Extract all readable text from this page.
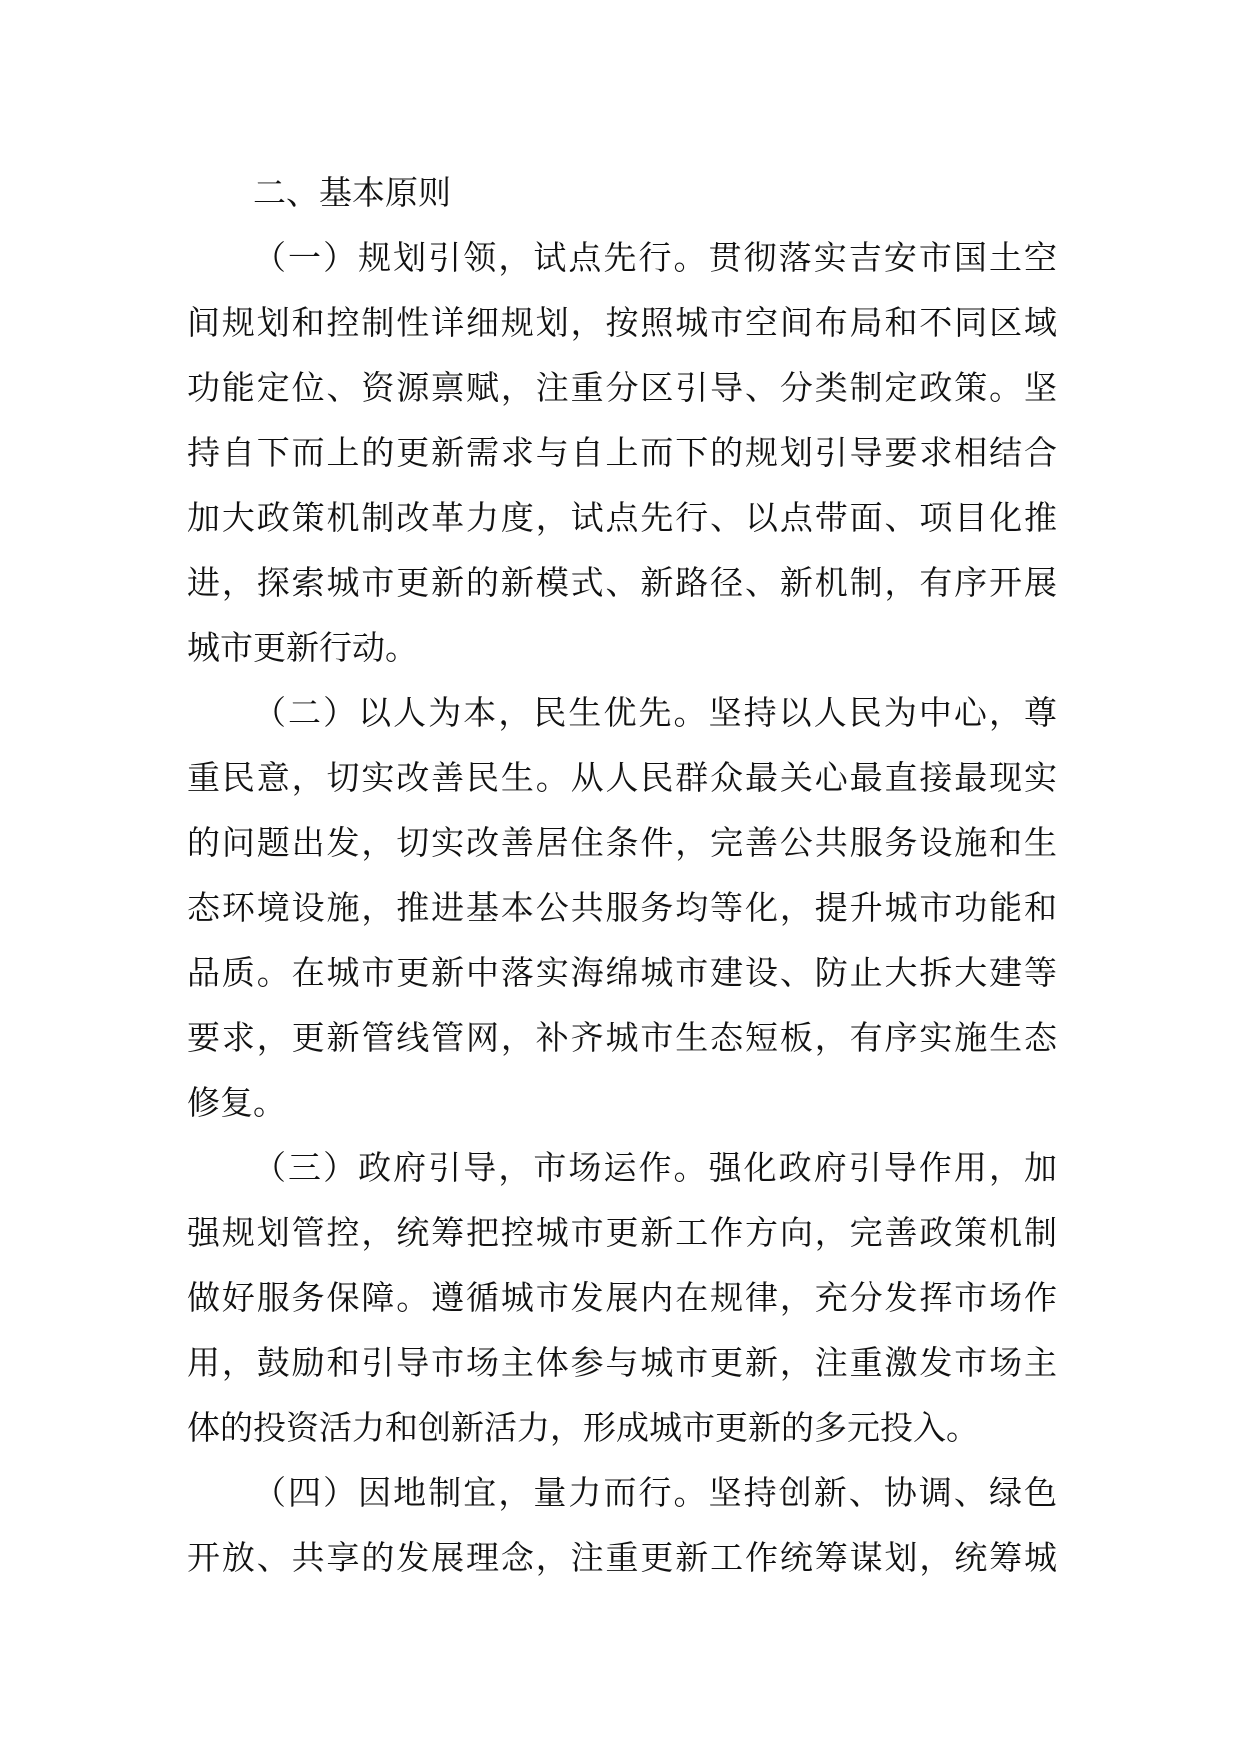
二、基本原则
（一）规划引领，试点先行。贯彻落实吉安市国土空
间规划和控制性详细规划，按照城市空间布局和不同区域
功能定位、资源禀赋，注重分区引导、分类制定政策。坚
持自下而上的更新需求与自上而下的规划引导要求相结合
加大政策机制改革力度，试点先行、以点带面、项目化推
进，探索城市更新的新模式、新路径、新机制，有序开展
城市更新行动。
（二）以人为本，民生优先。坚持以人民为中心，尊
重民意，切实改善民生。从人民群众最关心最直接最现实
的问题出发，切实改善居住条件，完善公共服务设施和生
态环境设施，推进基本公共服务均等化，提升城市功能和
品质。在城市更新中落实海绵城市建设、防止大拆大建等
要求，更新管线管网，补齐城市生态短板，有序实施生态
修复。
（三）政府引导，市场运作。强化政府引导作用，加
强规划管控，统筹把控城市更新工作方向，完善政策机制
做好服务保障。遵循城市发展内在规律，充分发挥市场作
用，鼓励和引导市场主体参与城市更新，注重激发市场主
体的投资活力和创新活力，形成城市更新的多元投入。
（四）因地制宜，量力而行。坚持创新、协调、绿色
开放、共享的发展理念，注重更新工作统筹谋划，统筹城
